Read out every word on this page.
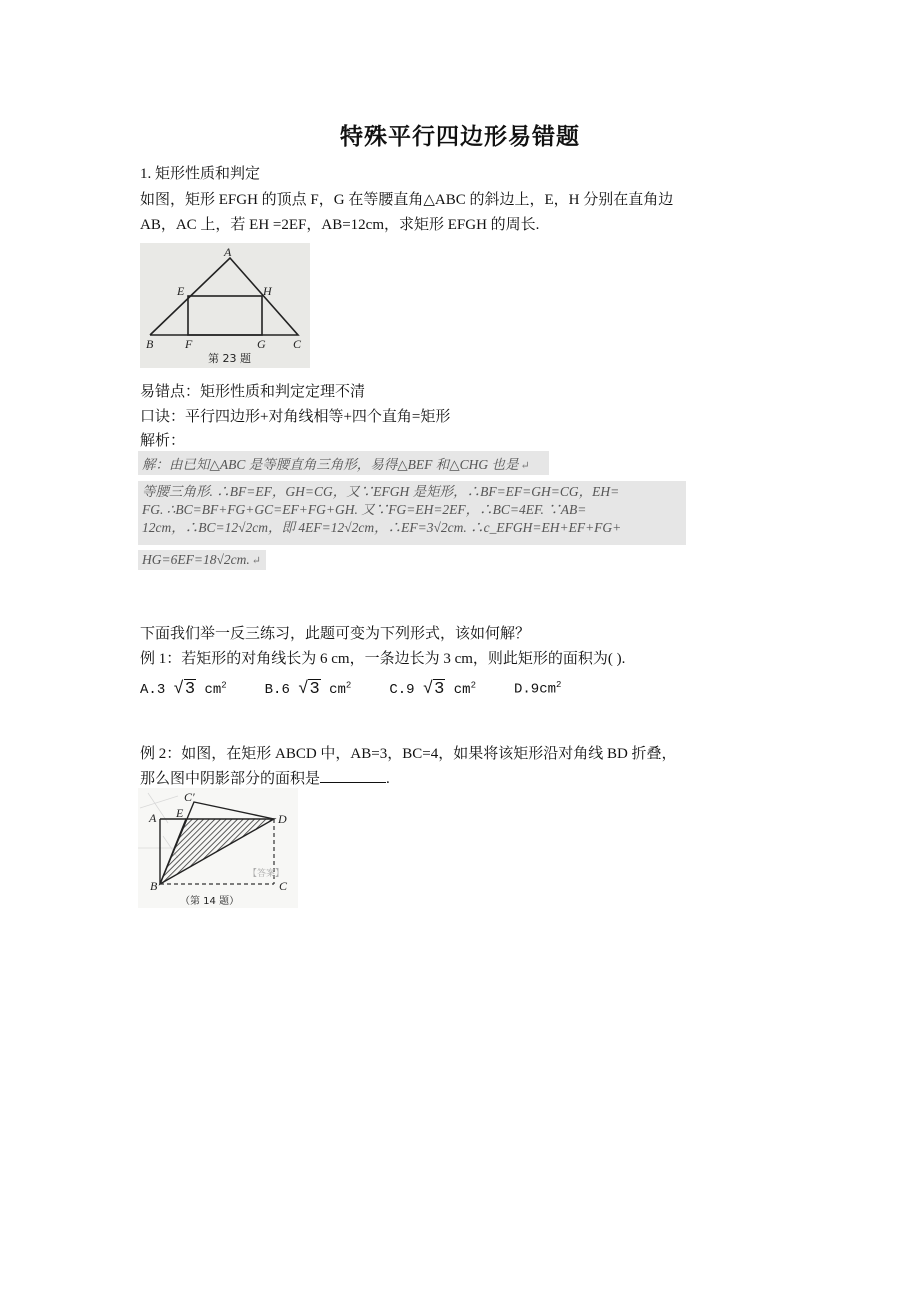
特殊平行四边形易错题
1. 矩形性质和判定
如图，矩形 EFGH 的顶点 F，G 在等腰直角△ABC 的斜边上，E，H 分别在直角边
AB，AC 上，若 EH =2EF，AB=12cm，求矩形 EFGH 的周长.
A
E	H
B	F	G C
第 23 题
易错点：矩形性质和判定定理不清
口诀：平行四边形+对角线相等+四个直角=矩形
解析：
解：由已知△ABC 是等腰直角三角形，易得△BEF 和△CHG 也是 ↵
等腰三角形. ∴BF=EF，GH=CG，又∵EFGH 是矩形，∴BF=EF=GH=CG，EH=
FG. ∴BC=BF+FG+GC=EF+FG+GH. 又∵FG=EH=2EF，∴BC=4EF. ∵AB=
12cm，∴BC=12√2cm，即 4EF=12√2cm，∴EF=3√2cm. ∴c_EFGH=EH+EF+FG+
HG=6EF=18√2cm. ↵
下面我们举一反三练习，此题可变为下列形式，该如何解？
例 1：若矩形的对角线长为 6 cm，一条边长为 3 cm，则此矩形的面积为( ).
A.3 √3 $cm^2$	B.6 √3 $cm^2$	C.9 √3 $cm^2$	$D.9cm^2$
例 2：如图，在矩形 ABCD 中，AB=3，BC=4，如果将该矩形沿对角线 BD 折叠，
那么图中阴影部分的面积是	.
【答案】
C′
A E	D
B	C
（第 14 题）
